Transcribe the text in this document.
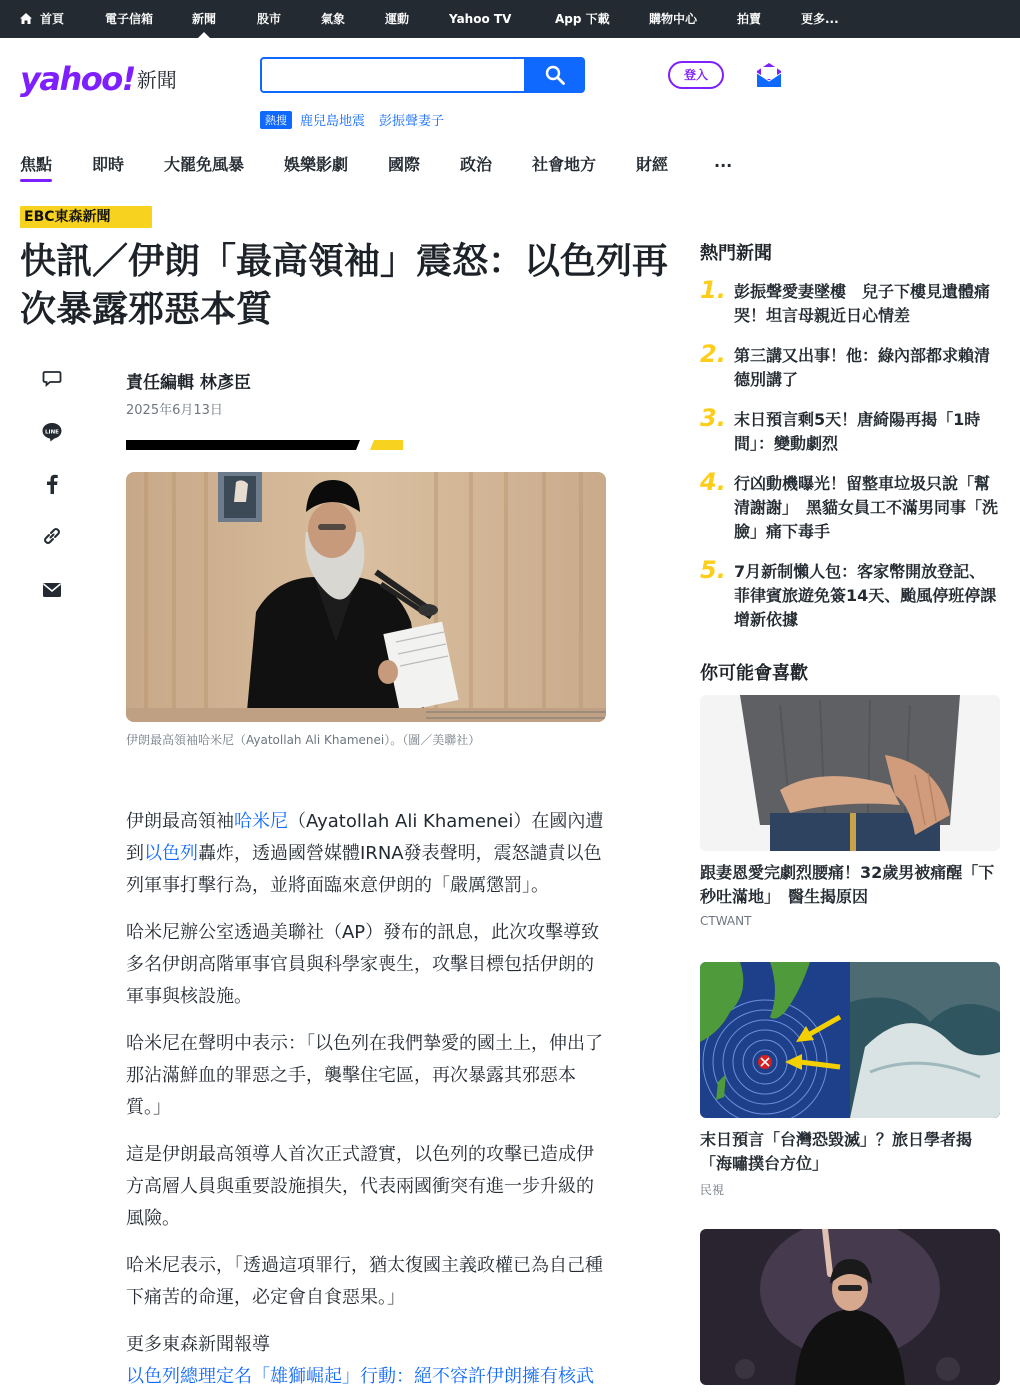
首頁	電子信箱	新聞	股市	氣象	運動	Yahoo TV	App 下載	購物中心	拍賣	更多...
yahoo! 新聞
熱搜 鹿兒島地震 彭振聲妻子
登入
焦點 即時 大罷免風暴 娛樂影劇 國際 政治 社會地方 財經	...
EBC東森新聞
快訊／伊朗「最高領袖」震怒：以色列再次暴露邪惡本質
LINE
責任編輯 林彥臣
2025年6月13日
伊朗最高領袖哈米尼（Ayatollah Ali Khamenei）。（圖／美聯社）

伊朗最高領袖哈米尼（Ayatollah Ali Khamenei）在國內遭到以色列轟炸，透過國營媒體IRNA發表聲明，震怒譴責以色列軍事打擊行為，並將面臨來意伊朗的「嚴厲懲罰」。

哈米尼辦公室透過美聯社（AP）發布的訊息，此次攻擊導致多名伊朗高階軍事官員與科學家喪生，攻擊目標包括伊朗的軍事與核設施。

哈米尼在聲明中表示：「以色列在我們摯愛的國土上，伸出了那沾滿鮮血的罪惡之手，襲擊住宅區，再次暴露其邪惡本質。」

這是伊朗最高領導人首次正式證實，以色列的攻擊已造成伊方高層人員與重要設施損失，代表兩國衝突有進一步升級的風險。

哈米尼表示，「透過這項罪行，猶太復國主義政權已為自己種下痛苦的命運，必定會自食惡果。」

更多東森新聞報導

以色列總理定名「雄獅崛起」行動：絕不容許伊朗擁有核武

熱門新聞
1. 彭振聲愛妻墜樓　兒子下樓見遺體痛哭！坦言母親近日心情差
2. 第三講又出事！他：綠內部都求賴清德別講了
3. 末日預言剩5天！唐綺陽再揭「1時間」：變動劇烈
4. 行凶動機曝光！留整車垃圾只說「幫清謝謝」　黑貓女員工不滿男同事「洗臉」痛下毒手
5. 7月新制懶人包：客家幣開放登記、菲律賓旅遊免簽14天、颱風停班停課增新依據
你可能會喜歡
跟妻恩愛完劇烈腰痛！32歲男被痛醒「下秒吐滿地」　醫生揭原因
CTWANT
末日預言「台灣恐毀滅」？旅日學者揭「海嘯撲台方位」
民視
